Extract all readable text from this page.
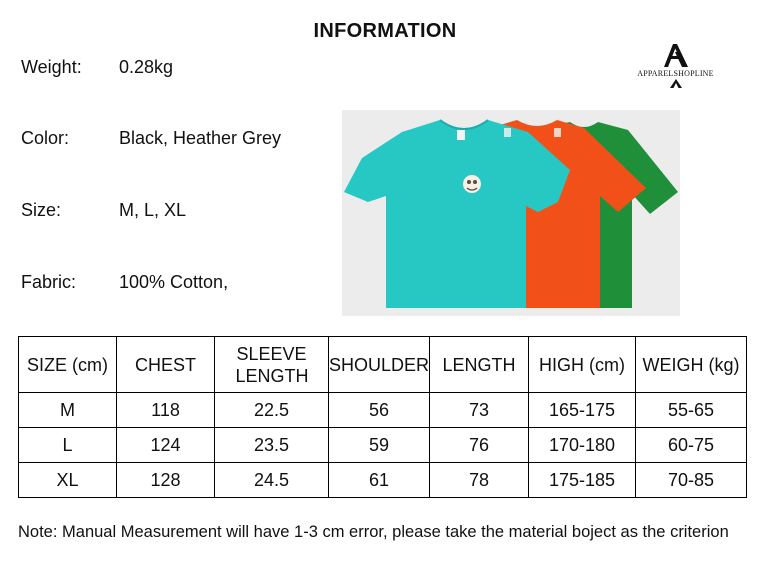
INFORMATION
Weight: 0.28kg
Color:	Black, Heather Grey
Size:	M, L, XL
Fabric: 100% Cotton,
APPARELSHOPLINE
SIZE (cm)	CHEST	SLEEVE LENGTH	SHOULDER	LENGTH	HIGH (cm)	WEIGH (kg)
M	118	22.5	56	73	165-175	55-65
L	124	23.5	59	76	170-180	60-75
XL	128	24.5	61	78	175-185	70-85
Note: Manual Measurement will have 1-3 cm error, please take the material boject as the criterion
